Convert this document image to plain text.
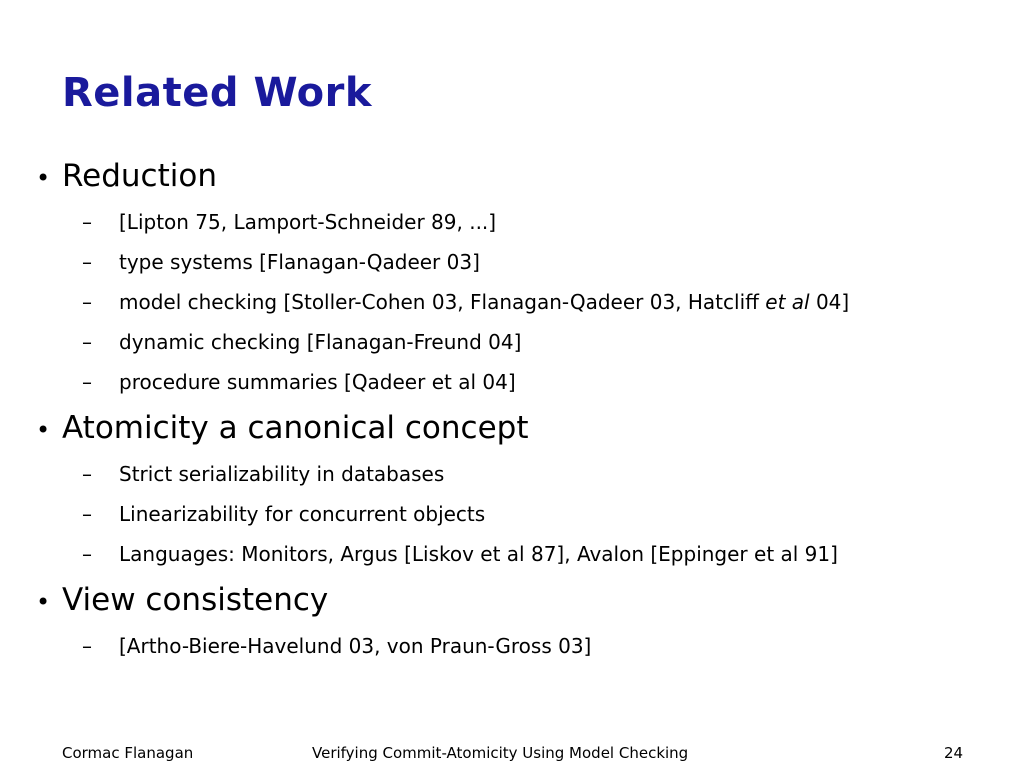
Related Work
• Reduction
–	[Lipton 75, Lamport-Schneider 89, ...]
–	type systems [Flanagan-Qadeer 03]
–	model checking [Stoller-Cohen 03, Flanagan-Qadeer 03, Hatcliff et al 04]
–	dynamic checking [Flanagan-Freund 04]
–	procedure summaries [Qadeer et al 04]
• Atomicity a canonical concept
–	Strict serializability in databases
–	Linearizability for concurrent objects
–	Languages: Monitors, Argus [Liskov et al 87], Avalon [Eppinger et al 91]
• View consistency
–	[Artho-Biere-Havelund 03, von Praun-Gross 03]
Cormac Flanagan	Verifying Commit-Atomicity Using Model Checking	24
